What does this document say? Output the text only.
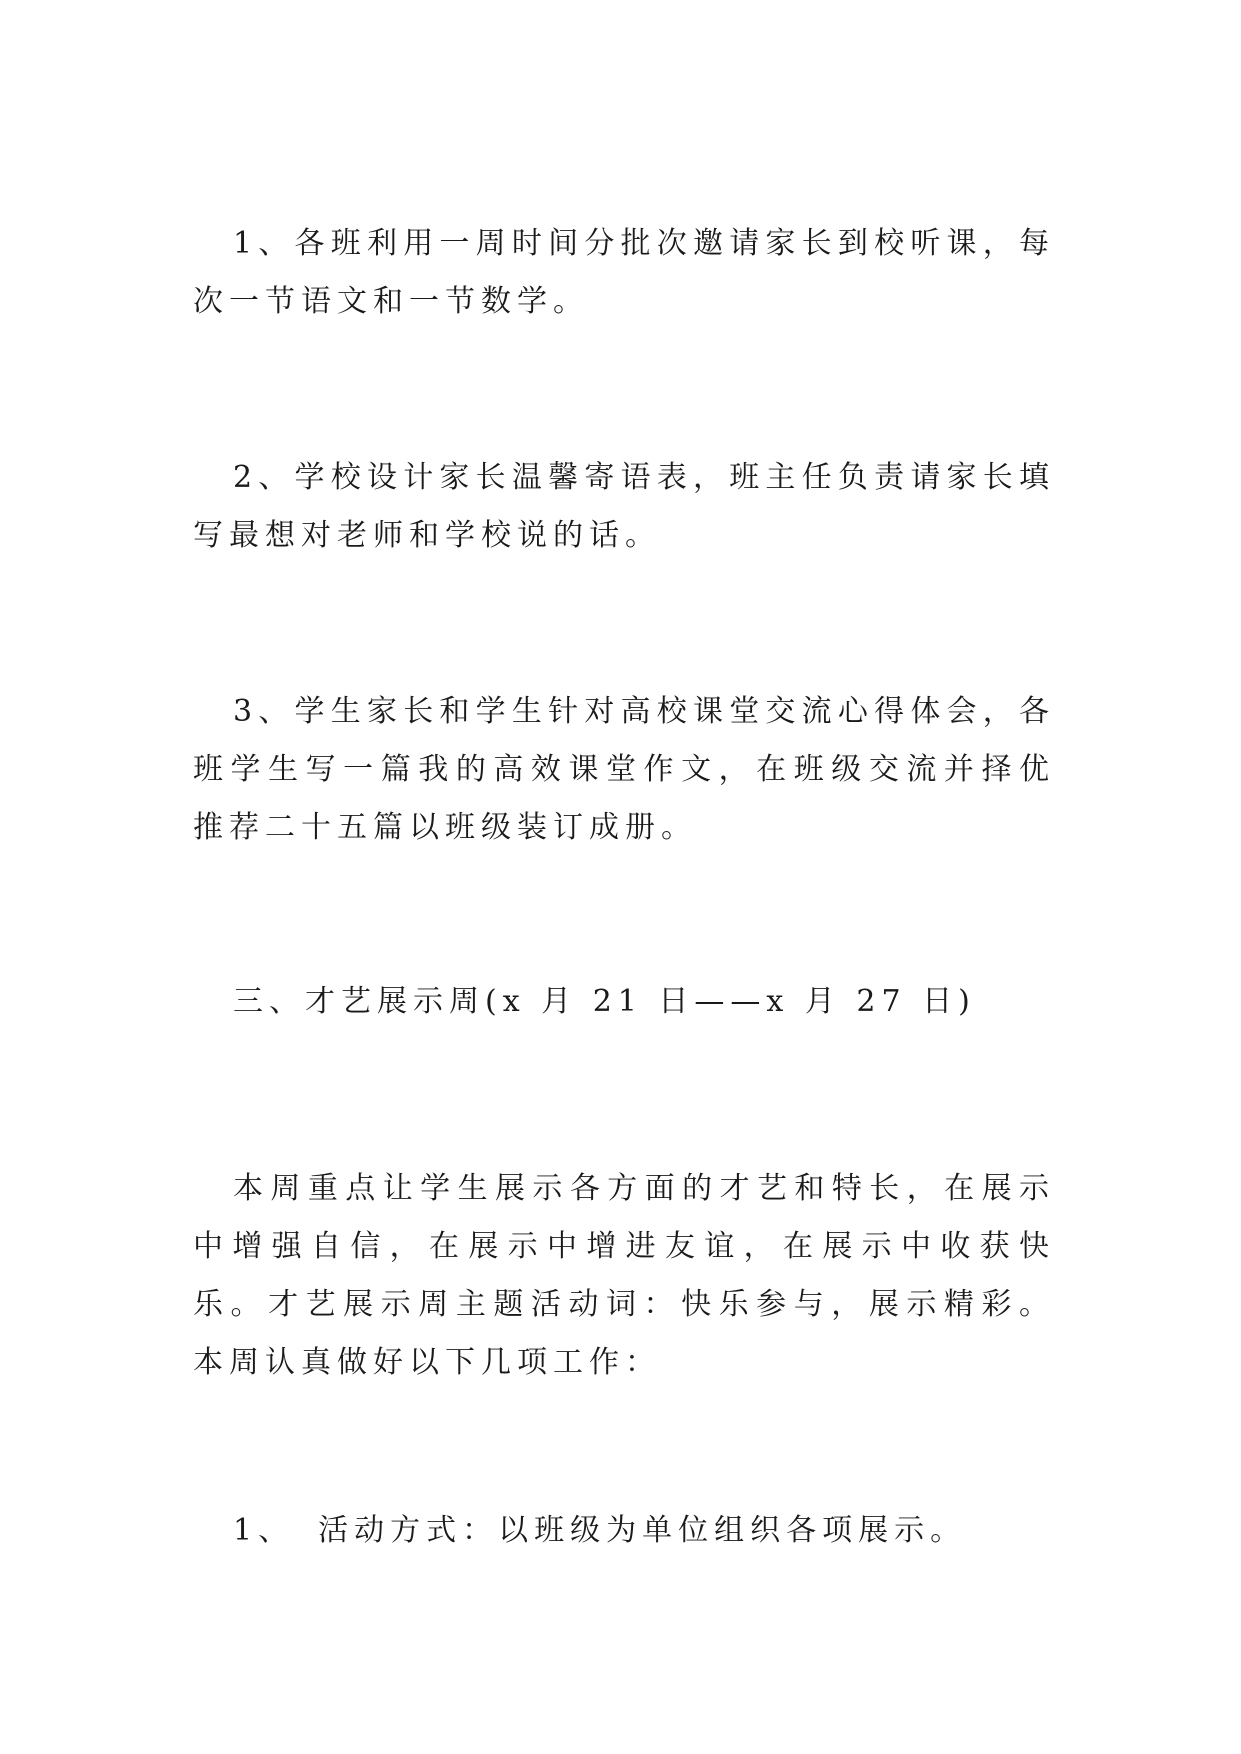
1、各班利用一周时间分批次邀请家长到校听课，每次一节语文和一节数学。

2、学校设计家长温馨寄语表，班主任负责请家长填写最想对老师和学校说的话。

3、学生家长和学生针对高校课堂交流心得体会，各班学生写一篇我的高效课堂作文，在班级交流并择优推荐二十五篇以班级装订成册。

三、才艺展示周(x 月 21 日——x 月 27 日)

本周重点让学生展示各方面的才艺和特长，在展示中增强自信，在展示中增进友谊，在展示中收获快乐。才艺展示周主题活动词：快乐参与，展示精彩。本周认真做好以下几项工作：

1、 活动方式：以班级为单位组织各项展示。
